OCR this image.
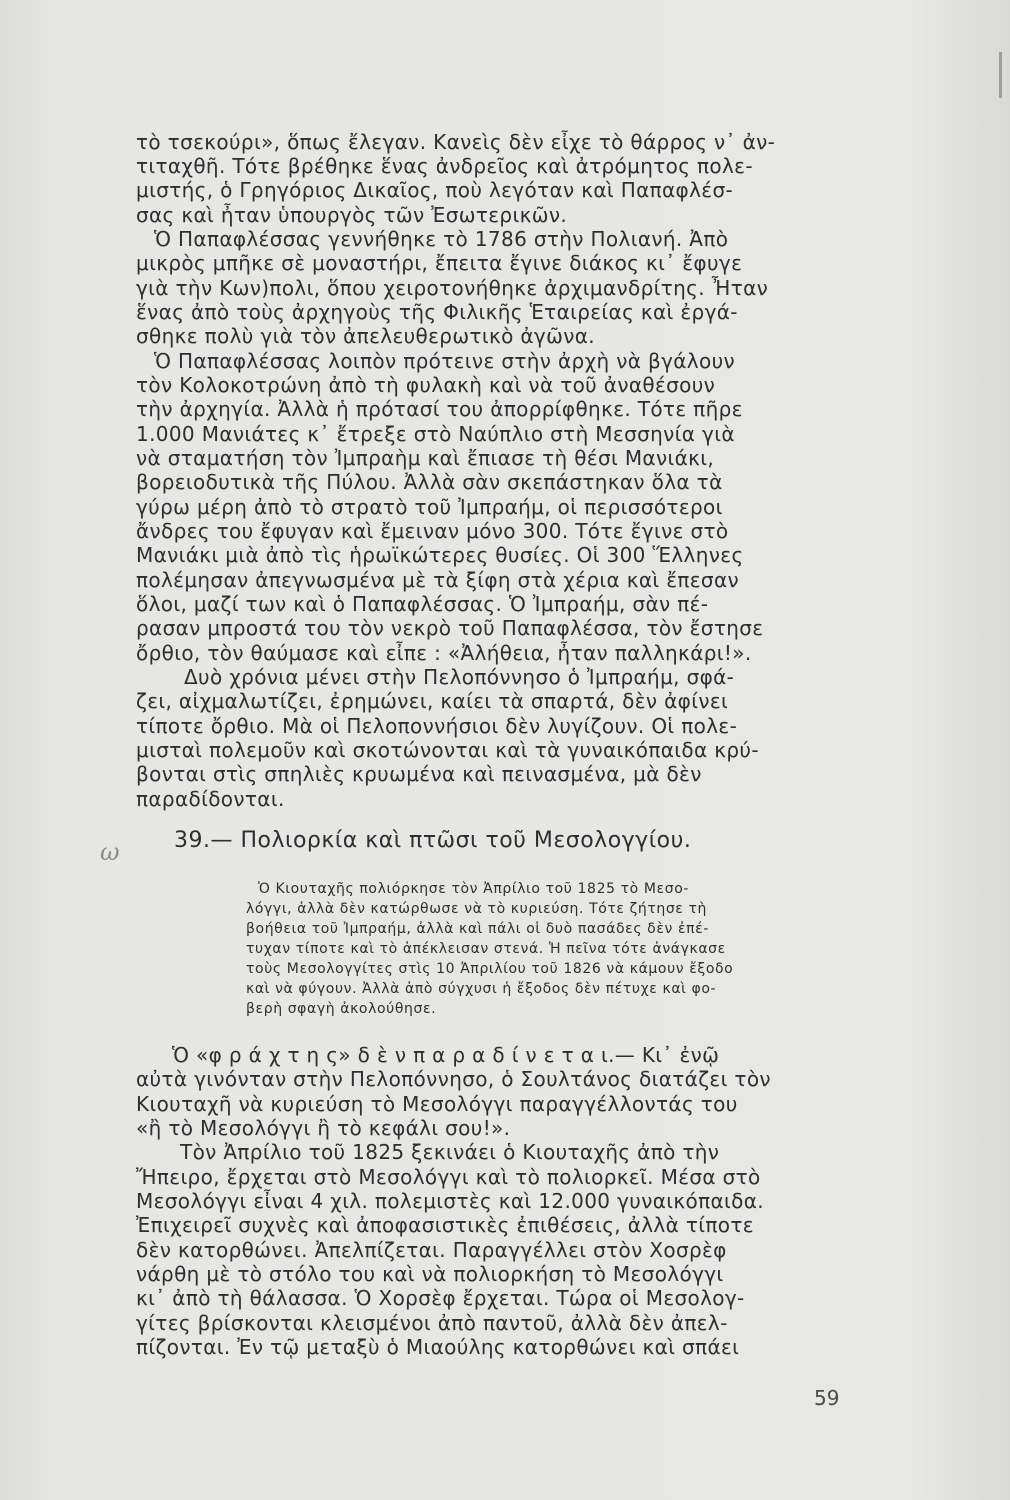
τὸ τσεκούρι», ὅπως ἔλεγαν. Κανεὶς δὲν εἶχε τὸ θάρρος ν᾽ ἀν-
τιταχθῆ. Τότε βρέθηκε ἕνας ἀνδρεῖος καὶ ἀτρόμητος πολε-
μιστής, ὁ Γρηγόριος Δικαῖος, ποὺ λεγόταν καὶ Παπαφλέσ-
σας καὶ ἦταν ὑπουργὸς τῶν Ἐσωτερικῶν.
Ὁ Παπαφλέσσας γεννήθηκε τὸ 1786 στὴν Πολιανή. Ἀπὸ
μικρὸς μπῆκε σὲ μοναστήρι, ἔπειτα ἔγινε διάκος κι᾽ ἔφυγε
γιὰ τὴν Κων)πολι, ὅπου χειροτονήθηκε ἀρχιμανδρίτης. Ἦταν
ἕνας ἀπὸ τοὺς ἀρχηγοὺς τῆς Φιλικῆς Ἑταιρείας καὶ ἐργά-
σθηκε πολὺ γιὰ τὸν ἀπελευθερωτικὸ ἀγῶνα.
Ὁ Παπαφλέσσας λοιπὸν πρότεινε στὴν ἀρχὴ νὰ βγάλουν
τὸν Κολοκοτρώνη ἀπὸ τὴ φυλακὴ καὶ νὰ τοῦ ἀναθέσουν
τὴν ἀρχηγία. Ἀλλὰ ἡ πρότασί του ἀπορρίφθηκε. Τότε πῆρε
1.000 Μανιάτες κ᾽ ἔτρεξε στὸ Ναύπλιο στὴ Μεσσηνία γιὰ
νὰ σταματήση τὸν Ἰμπραὴμ καὶ ἔπιασε τὴ θέσι Μανιάκι,
βορειοδυτικὰ τῆς Πύλου. Ἀλλὰ σὰν σκεπάστηκαν ὅλα τὰ
γύρω μέρη ἀπὸ τὸ στρατὸ τοῦ Ἰμπραήμ, οἱ περισσότεροι
ἄνδρες του ἔφυγαν καὶ ἔμειναν μόνο 300. Τότε ἔγινε στὸ
Μανιάκι μιὰ ἀπὸ τὶς ἡρωϊκώτερες θυσίες. Οἱ 300 Ἕλληνες
πολέμησαν ἀπεγνωσμένα μὲ τὰ ξίφη στὰ χέρια καὶ ἔπεσαν
ὅλοι, μαζί των καὶ ὁ Παπαφλέσσας. Ὁ Ἰμπραήμ, σὰν πέ-
ρασαν μπροστά του τὸν νεκρὸ τοῦ Παπαφλέσσα, τὸν ἔστησε
ὄρθιο, τὸν θαύμασε καὶ εἶπε : «Ἀλήθεια, ἦταν παλληκάρι!».
Δυὸ χρόνια μένει στὴν Πελοπόννησο ὁ Ἰμπραήμ, σφά-
ζει, αἰχμαλωτίζει, ἐρημώνει, καίει τὰ σπαρτά, δὲν ἀφίνει
τίποτε ὄρθιο. Μὰ οἱ Πελοποννήσιοι δὲν λυγίζουν. Οἱ πολε-
μισταὶ πολεμοῦν καὶ σκοτώνονται καὶ τὰ γυναικόπαιδα κρύ-
βονται στὶς σπηλιὲς κρυωμένα καὶ πεινασμένα, μὰ δὲν
παραδίδονται.
ω 39.— Πολιορκία καὶ πτῶσι τοῦ Μεσολογγίου.
Ὁ Κιουταχῆς πολιόρκησε τὸν Ἀπρίλιο τοῦ 1825 τὸ Μεσο-
λόγγι, ἀλλὰ δὲν κατώρθωσε νὰ τὸ κυριεύση. Τότε ζήτησε τὴ
βοήθεια τοῦ Ἰμπραήμ, ἀλλὰ καὶ πάλι οἱ δυὸ πασάδες δὲν ἐπέ-
τυχαν τίποτε καὶ τὸ ἀπέκλεισαν στενά. Ἡ πεῖνα τότε ἀνάγκασε
τοὺς Μεσολογγίτες στὶς 10 Ἀπριλίου τοῦ 1826 νὰ κάμουν ἔξοδο
καὶ νὰ φύγουν. Ἀλλὰ ἀπὸ σύγχυσι ἡ ἔξοδος δὲν πέτυχε καὶ φο-
βερὴ σφαγὴ ἀκολούθησε.
Ὁ «φ ρ ά χ τ η ς» δ ὲ ν π α ρ α δ ί ν ε τ α ι.— Κι᾽ ἐνῷ
αὐτὰ γινόνταν στὴν Πελοπόννησο, ὁ Σουλτάνος διατάζει τὸν
Κιουταχῆ νὰ κυριεύση τὸ Μεσολόγγι παραγγέλλοντάς του
«ἢ τὸ Μεσολόγγι ἢ τὸ κεφάλι σου!».
Τὸν Ἀπρίλιο τοῦ 1825 ξεκινάει ὁ Κιουταχῆς ἀπὸ τὴν
Ἤπειρο, ἔρχεται στὸ Μεσολόγγι καὶ τὸ πολιορκεῖ. Μέσα στὸ
Μεσολόγγι εἶναι 4 χιλ. πολεμιστὲς καὶ 12.000 γυναικόπαιδα.
Ἐπιχειρεῖ συχνὲς καὶ ἀποφασιστικὲς ἐπιθέσεις, ἀλλὰ τίποτε
δὲν κατορθώνει. Ἀπελπίζεται. Παραγγέλλει στὸν Χοσρὲφ
νάρθη μὲ τὸ στόλο του καὶ νὰ πολιορκήση τὸ Μεσολόγγι
κι᾽ ἀπὸ τὴ θάλασσα. Ὁ Χορσὲφ ἔρχεται. Τώρα οἱ Μεσολογ-
γίτες βρίσκονται κλεισμένοι ἀπὸ παντοῦ, ἀλλὰ δὲν ἀπελ-
πίζονται. Ἐν τῷ μεταξὺ ὁ Μιαούλης κατορθώνει καὶ σπάει
59
